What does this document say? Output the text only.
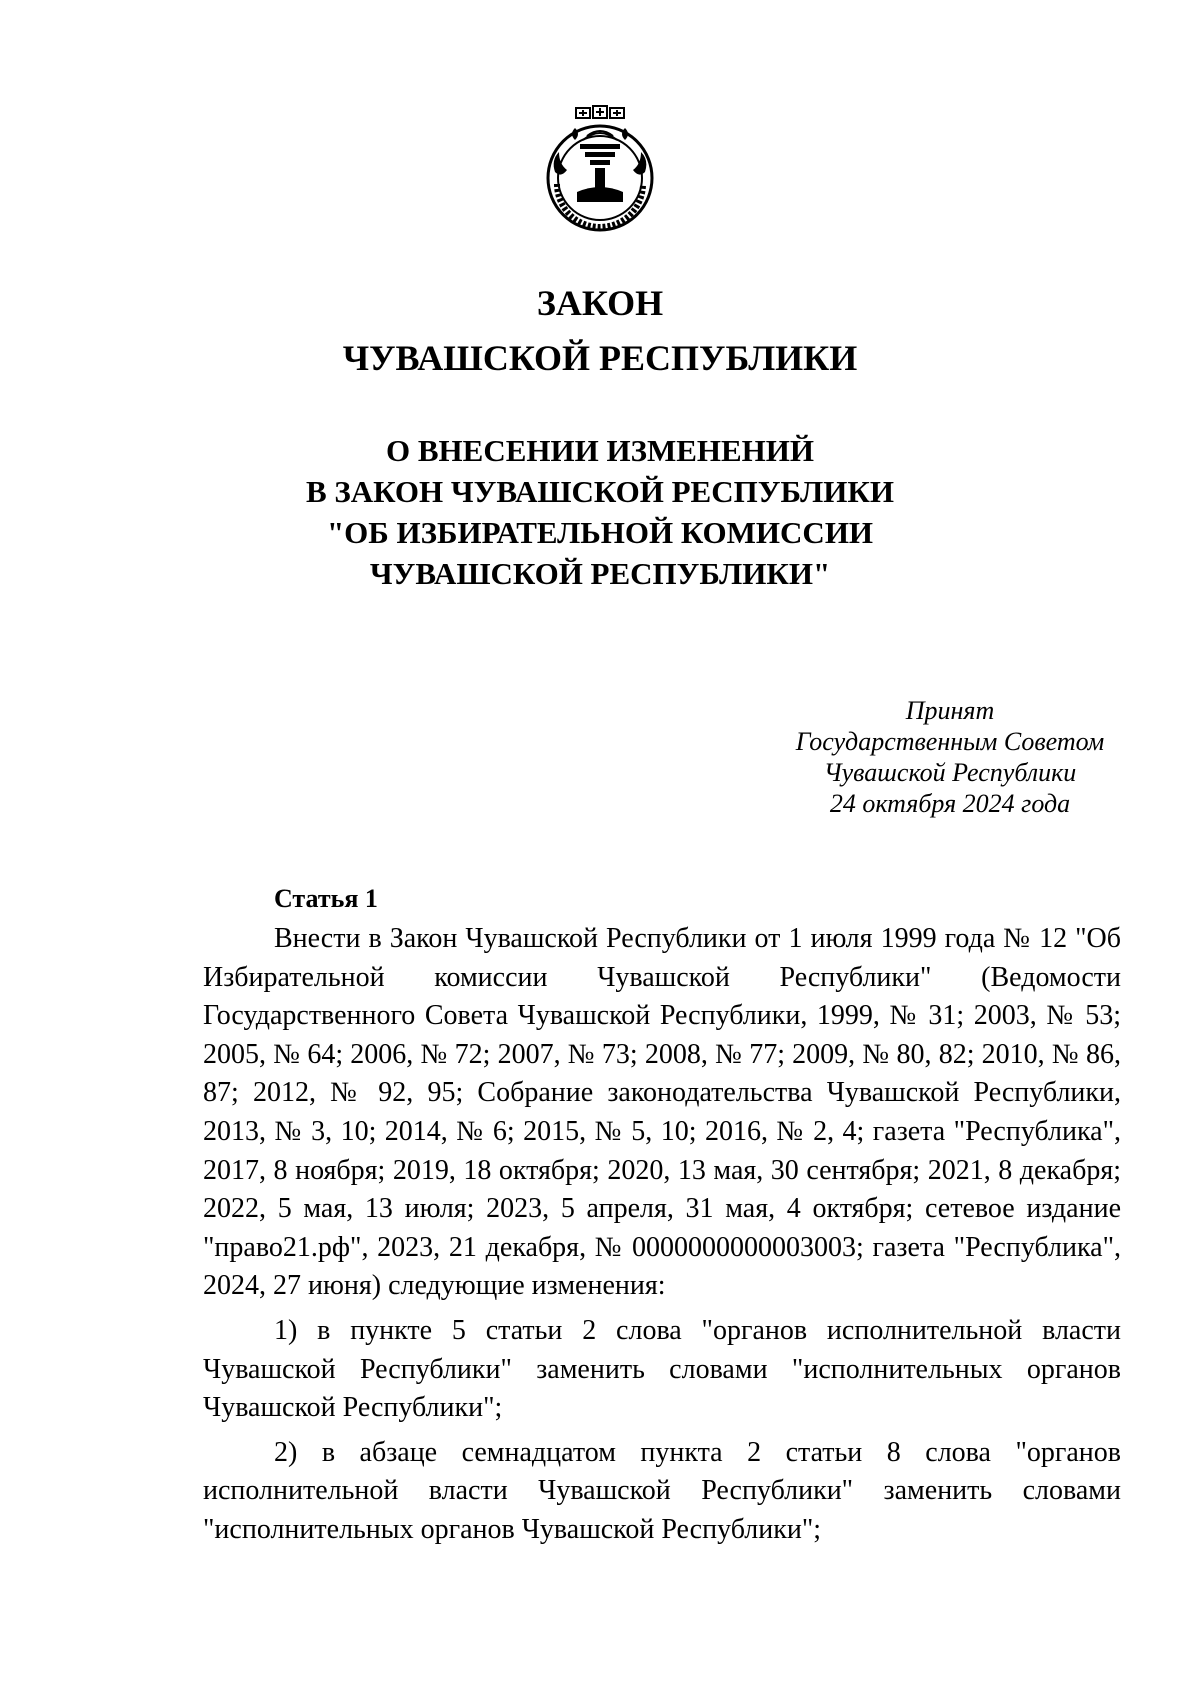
ЗАКОН
ЧУВАШСКОЙ РЕСПУБЛИКИ
О ВНЕСЕНИИ ИЗМЕНЕНИЙ
В ЗАКОН ЧУВАШСКОЙ РЕСПУБЛИКИ
"ОБ ИЗБИРАТЕЛЬНОЙ КОМИССИИ
ЧУВАШСКОЙ РЕСПУБЛИКИ"
Принят
Государственным Советом
Чувашской Республики
24 октября 2024 года
Статья 1

Внести в Закон Чувашской Республики от 1 июля 1999 года № 12 "Об Избирательной комиссии Чувашской Республики" (Ведомости Государственного Совета Чувашской Республики, 1999, № 31; 2003, № 53; 2005, № 64; 2006, № 72; 2007, № 73; 2008, № 77; 2009, № 80, 82; 2010, № 86, 87; 2012, № 92, 95; Собрание законодательства Чувашской Республики, 2013, № 3, 10; 2014, № 6; 2015, № 5, 10; 2016, № 2, 4; газета "Республика", 2017, 8 ноября; 2019, 18 октября; 2020, 13 мая, 30 сентября; 2021, 8 декабря; 2022, 5 мая, 13 июля; 2023, 5 апреля, 31 мая, 4 октября; сетевое издание "право21.рф", 2023, 21 декабря, № 0000000000003003; газета "Республика", 2024, 27 июня) следующие изменения:

1) в пункте 5 статьи 2 слова "органов исполнительной власти Чувашской Республики" заменить словами "исполнительных органов Чувашской Республики";

2) в абзаце семнадцатом пункта 2 статьи 8 слова "органов исполнительной власти Чувашской Республики" заменить словами "исполнительных органов Чувашской Республики";
